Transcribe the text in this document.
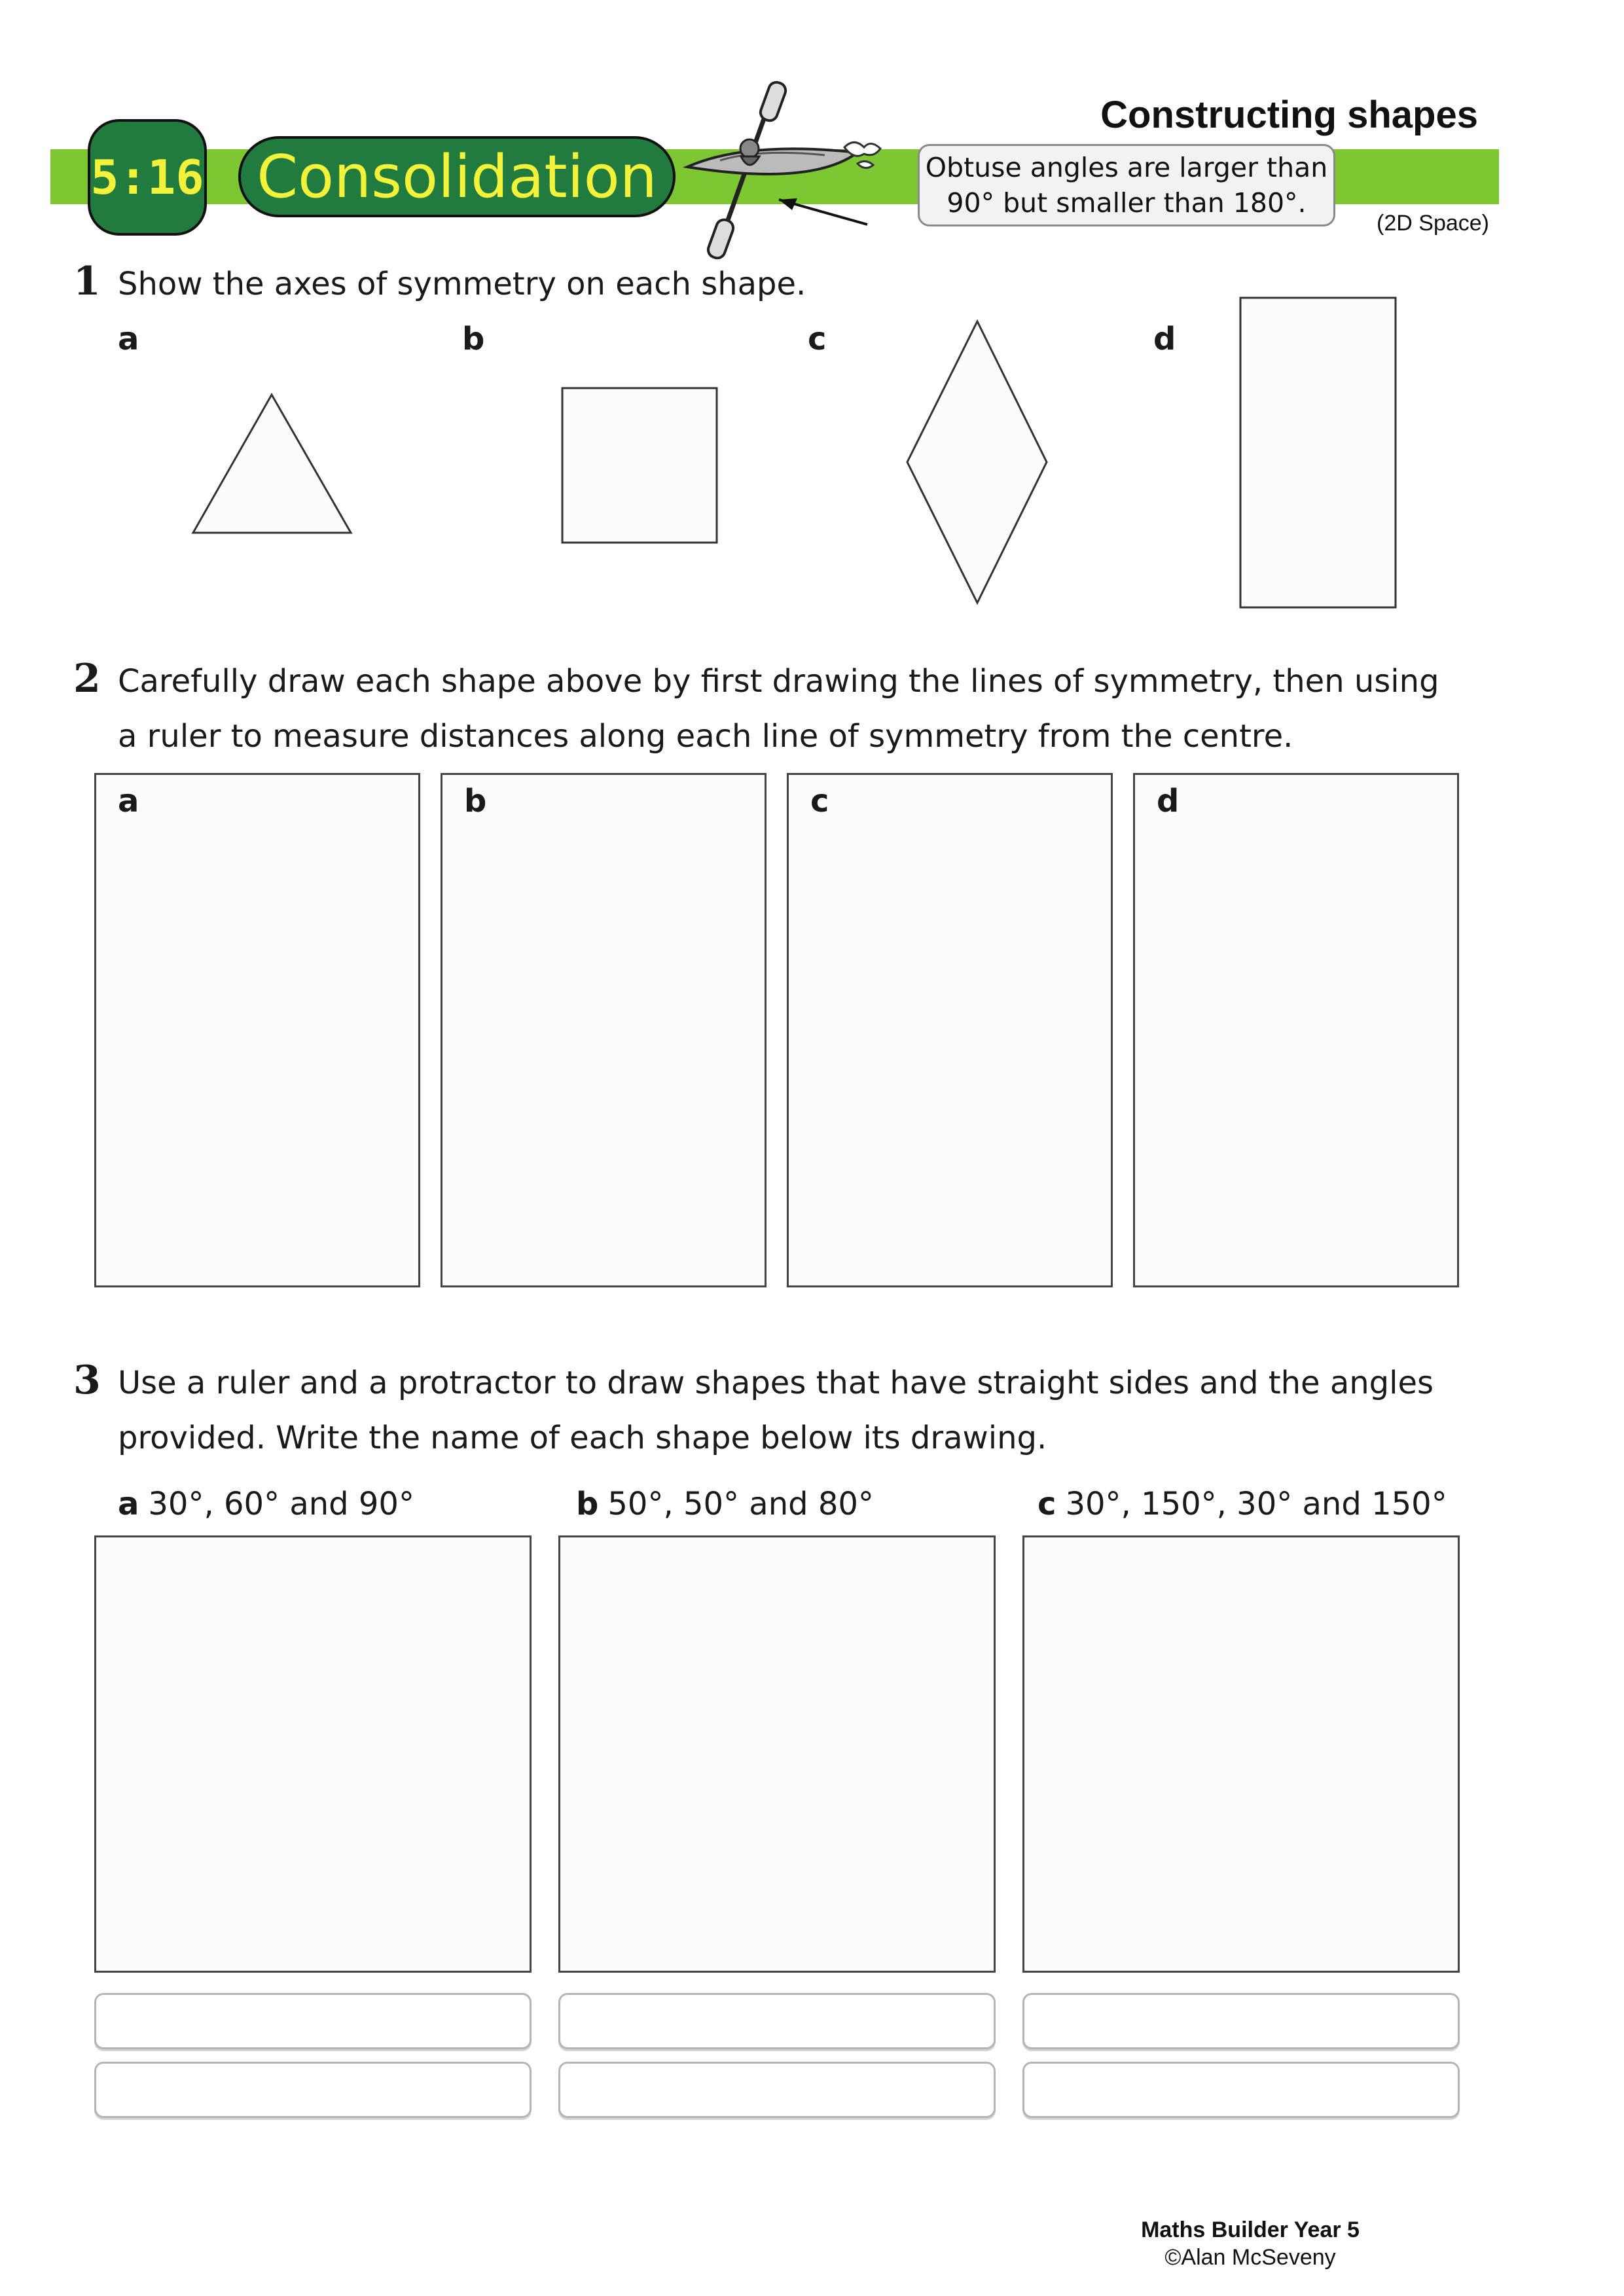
5:16 Consolidation	Obtuse angles are larger than
90° but smaller than 180°.
Constructing shapes
(2D Space)
1 Show the axes of symmetry on each shape.
a	b	c	d
2 Carefully draw each shape above by first drawing the lines of symmetry, then using
a ruler to measure distances along each line of symmetry from the centre.
a	b	c	d
3 Use a ruler and a protractor to draw shapes that have straight sides and the angles
provided. Write the name of each shape below its drawing.
a 30°, 60° and 90°	b 50°, 50° and 80°	c 30°, 150°, 30° and 150°
Maths Builder Year 5
©Alan McSeveny
